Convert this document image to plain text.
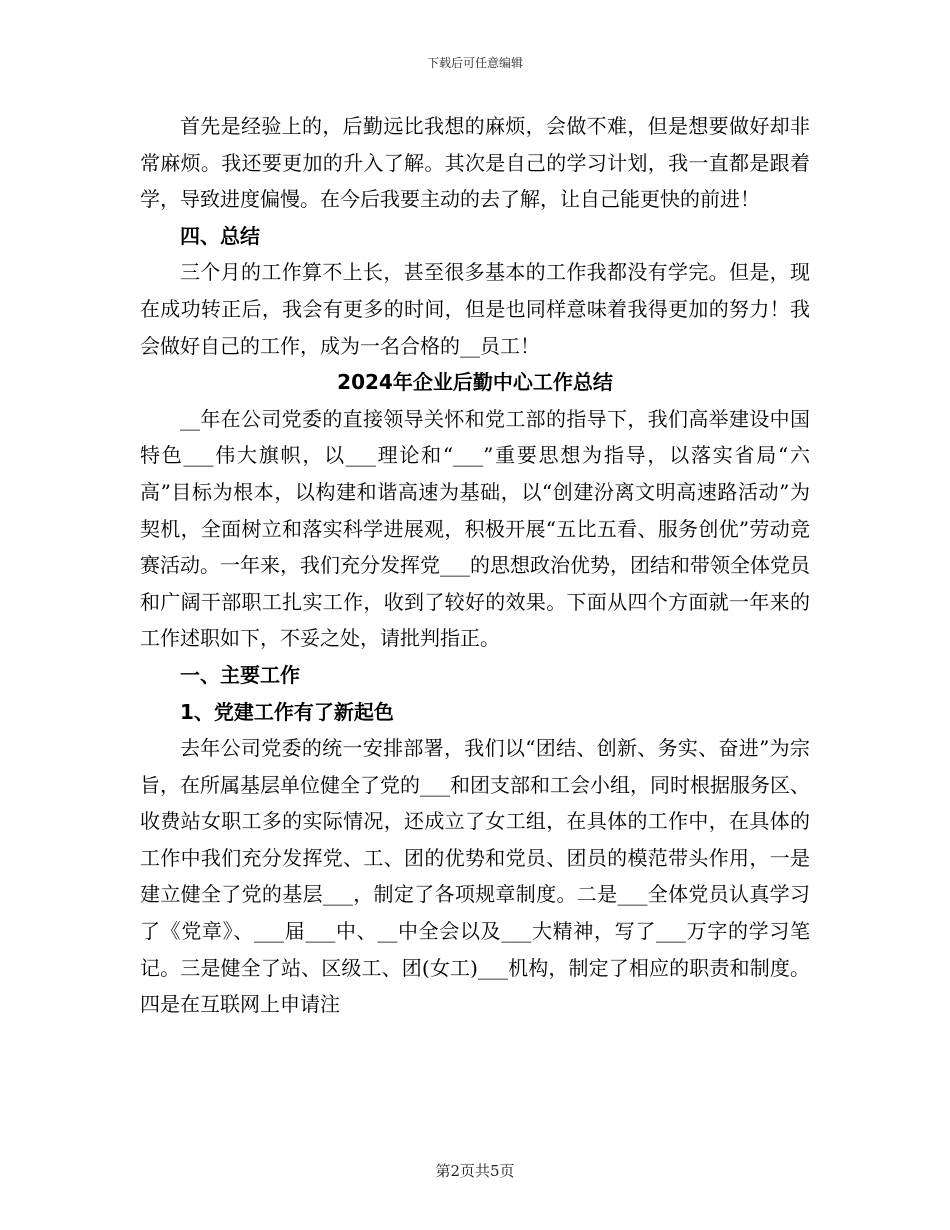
下载后可任意编辑

首先是经验上的，后勤远比我想的麻烦，会做不难，但是想要做好却非常麻烦。我还要更加的升入了解。其次是自己的学习计划，我一直都是跟着学，导致进度偏慢。在今后我要主动的去了解，让自己能更快的前进！

四、总结

三个月的工作算不上长，甚至很多基本的工作我都没有学完。但是，现在成功转正后，我会有更多的时间，但是也同样意味着我得更加的努力！我会做好自己的工作，成为一名合格的__员工！

2024年企业后勤中心工作总结

__年在公司党委的直接领导关怀和党工部的指导下，我们高举建设中国特色___伟大旗帜，以___理论和“___”重要思想为指导，以落实省局“六高”目标为根本，以构建和谐高速为基础，以“创建汾离文明高速路活动”为契机，全面树立和落实科学进展观，积极开展“五比五看、服务创优”劳动竞赛活动。一年来，我们充分发挥党___的思想政治优势，团结和带领全体党员和广阔干部职工扎实工作，收到了较好的效果。下面从四个方面就一年来的工作述职如下，不妥之处，请批判指正。

一、主要工作

1、党建工作有了新起色

去年公司党委的统一安排部署，我们以“团结、创新、务实、奋进”为宗旨，在所属基层单位健全了党的___和团支部和工会小组，同时根据服务区、收费站女职工多的实际情况，还成立了女工组，在具体的工作中，在具体的工作中我们充分发挥党、工、团的优势和党员、团员的模范带头作用，一是建立健全了党的基层___，制定了各项规章制度。二是___全体党员认真学习了《党章》、___届___中、__中全会以及___大精神，写了___万字的学习笔记。三是健全了站、区级工、团(女工)___机构，制定了相应的职责和制度。四是在互联网上申请注

第2页共5页
